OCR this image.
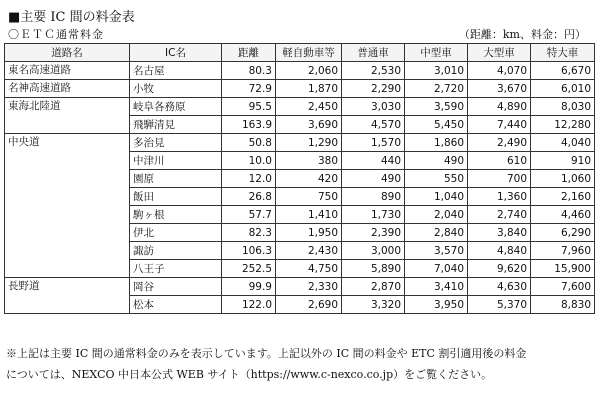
■主要 IC 間の料金表
〇ＥＴＣ通常料金	（距離：km、料金：円）
道路名	IC名	距離	軽自動車等	普通車	中型車	大型車	特大車
東名高速道路	名古屋	80.3	2,060	2,530	3,010	4,070	6,670
名神高速道路	小牧	72.9	1,870	2,290	2,720	3,670	6,010
東海北陸道	岐阜各務原	95.5	2,450	3,030	3,590	4,890	8,030
	飛騨清見	163.9	3,690	4,570	5,450	7,440	12,280
中央道	多治見	50.8	1,290	1,570	1,860	2,490	4,040
	中津川	10.0	380	440	490	610	910
	園原	12.0	420	490	550	700	1,060
	飯田	26.8	750	890	1,040	1,360	2,160
	駒ヶ根	57.7	1,410	1,730	2,040	2,740	4,460
	伊北	82.3	1,950	2,390	2,840	3,840	6,290
	諏訪	106.3	2,430	3,000	3,570	4,840	7,960
	八王子	252.5	4,750	5,890	7,040	9,620	15,900
長野道	岡谷	99.9	2,330	2,870	3,410	4,630	7,600
	松本	122.0	2,690	3,320	3,950	5,370	8,830
※上記は主要 IC 間の通常料金のみを表示しています。上記以外の IC 間の料金や ETC 割引適用後の料金
については、NEXCO 中日本公式 WEB サイト（https://www.c-nexco.co.jp）をご覧ください。
